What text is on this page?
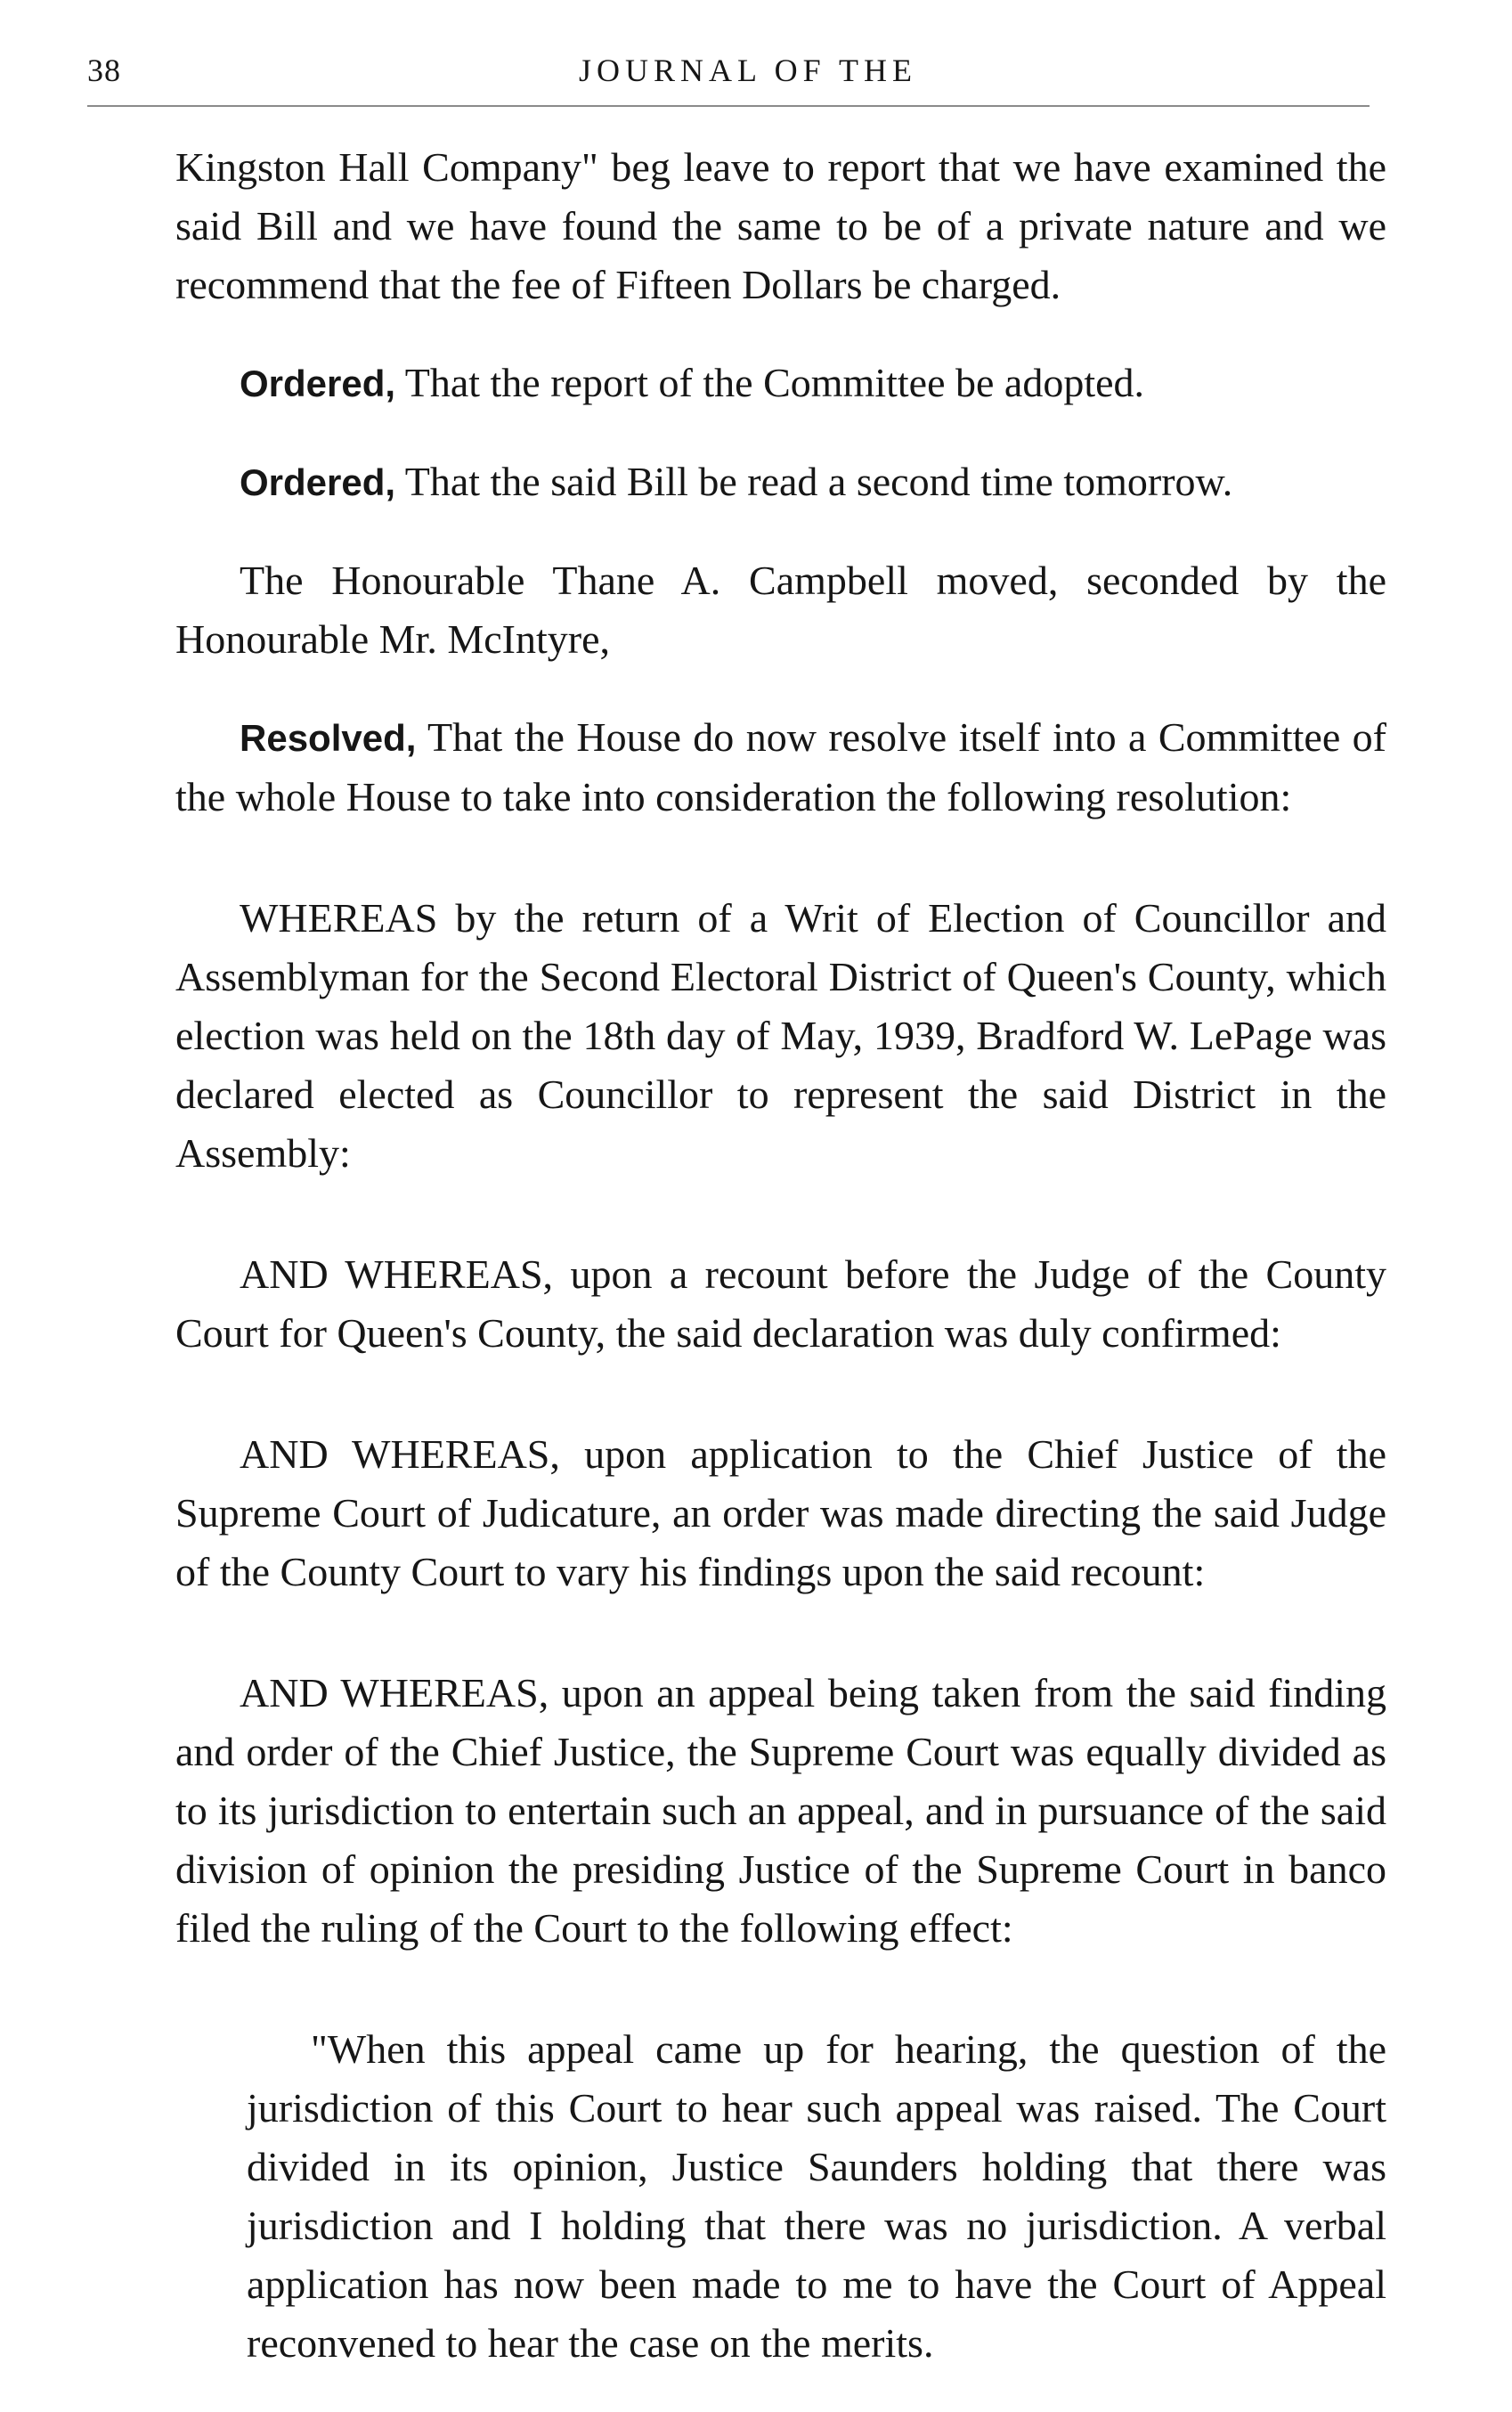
38	JOURNAL OF THE

Kingston Hall Company" beg leave to report that we have examined the said Bill and we have found the same to be of a private nature and we recommend that the fee of Fifteen Dollars be charged.

Ordered, That the report of the Committee be adopted.

Ordered, That the said Bill be read a second time tomorrow.

The Honourable Thane A. Campbell moved, seconded by the Honourable Mr. McIntyre,

Resolved, That the House do now resolve itself into a Committee of the whole House to take into consideration the following resolution:

WHEREAS by the return of a Writ of Election of Councillor and Assemblyman for the Second Electoral District of Queen's County, which election was held on the 18th day of May, 1939, Bradford W. LePage was declared elected as Councillor to represent the said District in the Assembly:

AND WHEREAS, upon a recount before the Judge of the County Court for Queen's County, the said declaration was duly confirmed:

AND WHEREAS, upon application to the Chief Justice of the Supreme Court of Judicature, an order was made directing the said Judge of the County Court to vary his findings upon the said recount:

AND WHEREAS, upon an appeal being taken from the said finding and order of the Chief Justice, the Supreme Court was equally divided as to its jurisdiction to entertain such an appeal, and in pursuance of the said division of opinion the presiding Justice of the Supreme Court in banco filed the ruling of the Court to the following effect:

"When this appeal came up for hearing, the question of the jurisdiction of this Court to hear such appeal was raised. The Court divided in its opinion, Justice Saunders holding that there was jurisdiction and I holding that there was no jurisdiction. A verbal application has now been made to me to have the Court of Appeal reconvened to hear the case on the merits.
